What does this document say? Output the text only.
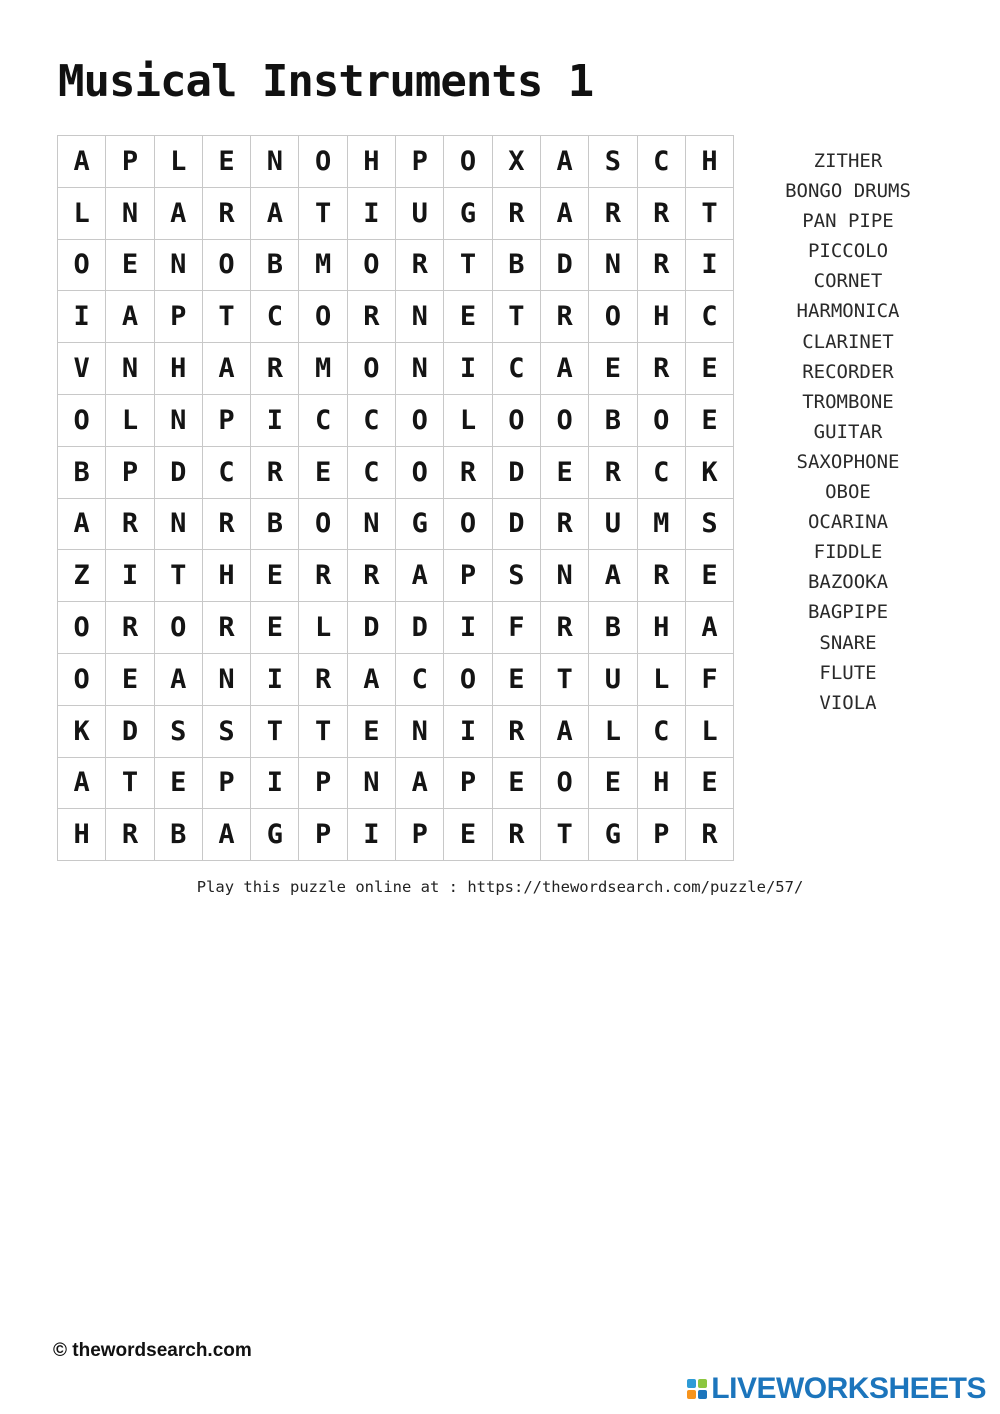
Musical Instruments 1
A	P	L	E	N	O	H	P	O	X	A	S	C	H
L	N	A	R	A	T	I	U	G	R	A	R	R	T
O	E	N	O	B	M	O	R	T	B	D	N	R	I
I	A	P	T	C	O	R	N	E	T	R	O	H	C
V	N	H	A	R	M	O	N	I	C	A	E	R	E
O	L	N	P	I	C	C	O	L	O	O	B	O	E
B	P	D	C	R	E	C	O	R	D	E	R	C	K
A	R	N	R	B	O	N	G	O	D	R	U	M	S
Z	I	T	H	E	R	R	A	P	S	N	A	R	E
O	R	O	R	E	L	D	D	I	F	R	B	H	A
O	E	A	N	I	R	A	C	O	E	T	U	L	F
K	D	S	S	T	T	E	N	I	R	A	L	C	L
A	T	E	P	I	P	N	A	P	E	O	E	H	E
H	R	B	A	G	P	I	P	E	R	T	G	P	R
ZITHER
BONGO DRUMS
PAN PIPE
PICCOLO
CORNET
HARMONICA
CLARINET
RECORDER
TROMBONE
GUITAR
SAXOPHONE
OBOE
OCARINA
FIDDLE
BAZOOKA
BAGPIPE
SNARE
FLUTE
VIOLA
Play this puzzle online at : https://thewordsearch.com/puzzle/57/
© thewordsearch.com
LIVEWORKSHEETS
